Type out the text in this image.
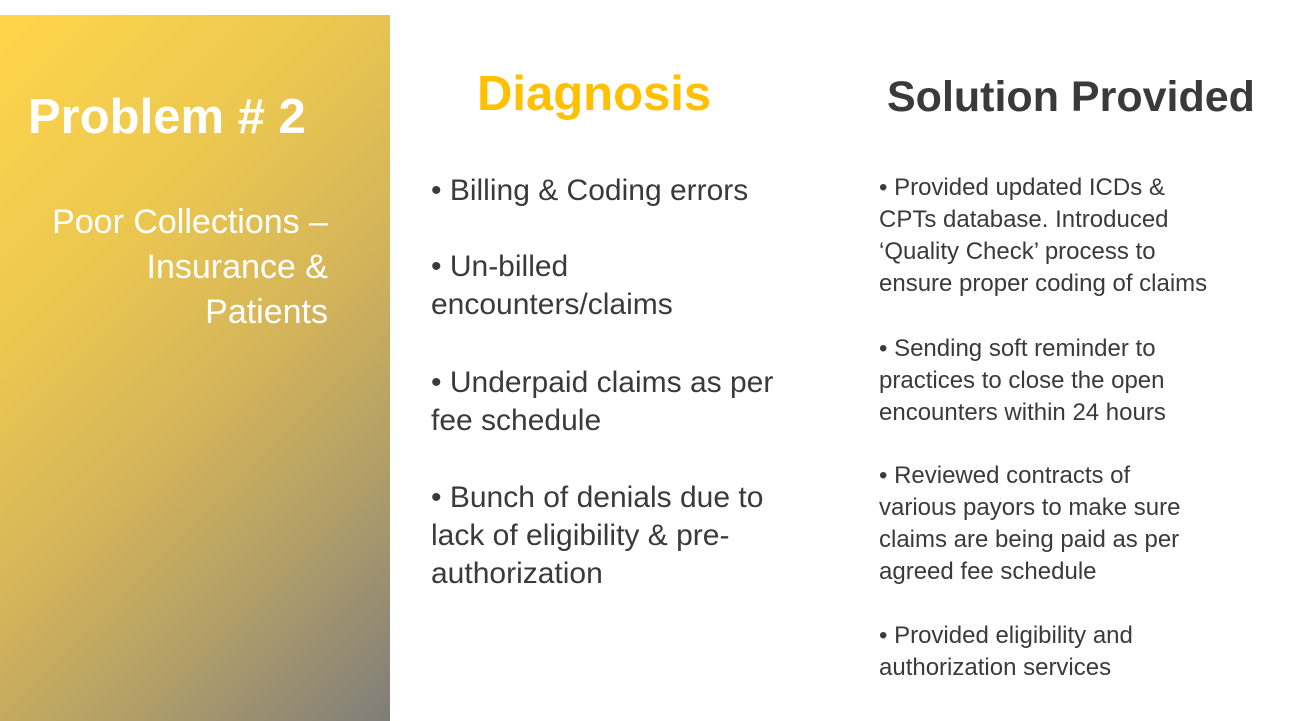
Problem # 2
Poor Collections –
Insurance &
Patients
Diagnosis	Solution Provided
• Billing & Coding errors
• Un-billed
encounters/claims
• Underpaid claims as per
fee schedule
• Bunch of denials due to
lack of eligibility & pre-
authorization
• Provided updated ICDs &
CPTs database. Introduced
‘Quality Check’ process to
ensure proper coding of claims
• Sending soft reminder to
practices to close the open
encounters within 24 hours
• Reviewed contracts of
various payors to make sure
claims are being paid as per
agreed fee schedule
• Provided eligibility and
authorization services
